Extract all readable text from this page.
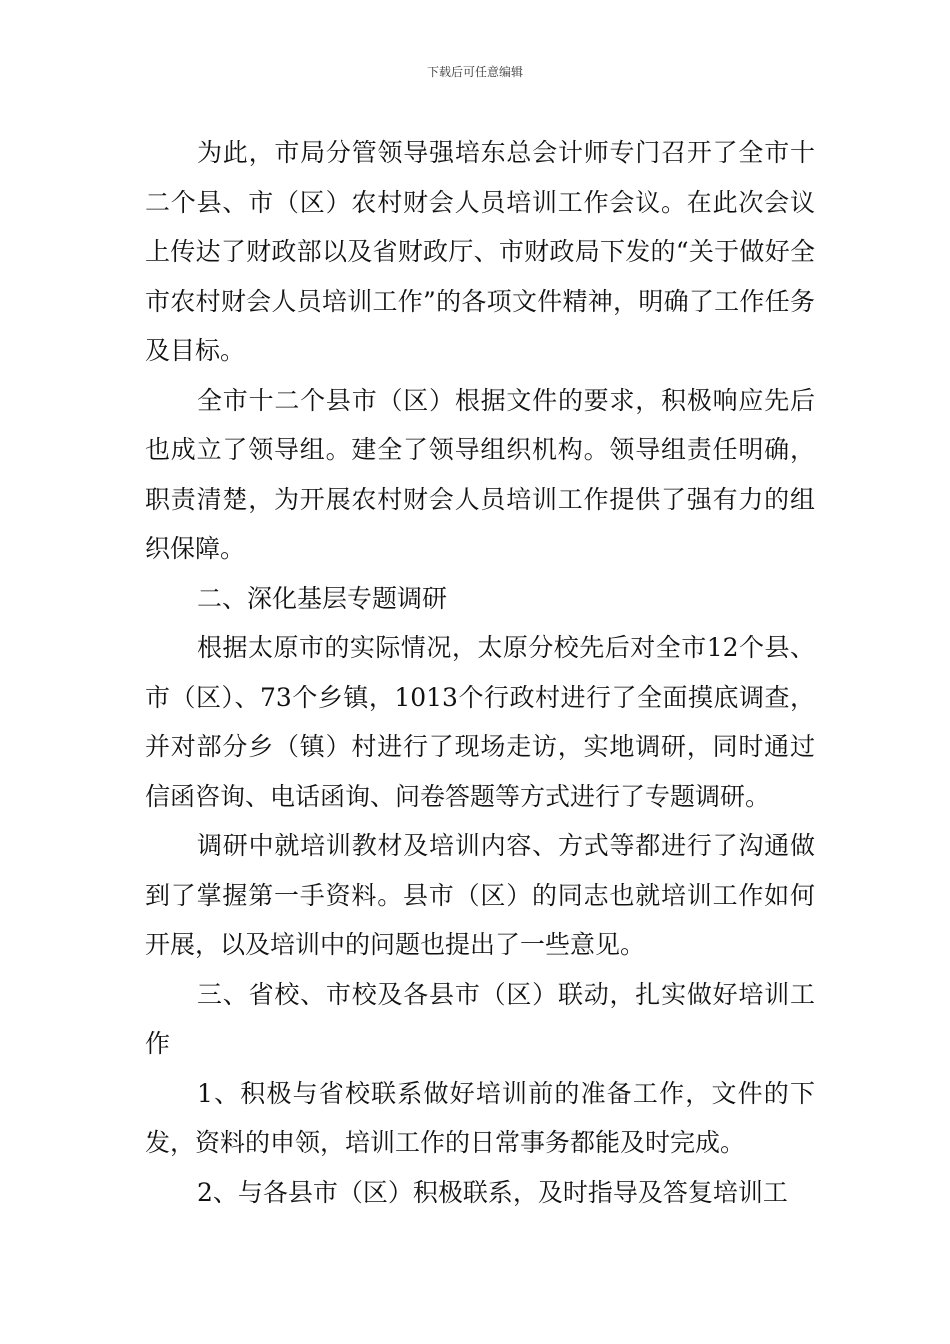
下载后可任意编辑

为此，市局分管领导强培东总会计师专门召开了全市十二个县、市（区）农村财会人员培训工作会议。在此次会议上传达了财政部以及省财政厅、市财政局下发的“关于做好全市农村财会人员培训工作”的各项文件精神，明确了工作任务及目标。

全市十二个县市（区）根据文件的要求，积极响应先后也成立了领导组。建全了领导组织机构。领导组责任明确，职责清楚，为开展农村财会人员培训工作提供了强有力的组织保障。

二、深化基层专题调研

根据太原市的实际情况，太原分校先后对全市12个县、市（区）、73个乡镇，1013个行政村进行了全面摸底调查，并对部分乡（镇）村进行了现场走访，实地调研，同时通过信函咨询、电话函询、问卷答题等方式进行了专题调研。

调研中就培训教材及培训内容、方式等都进行了沟通做到了掌握第一手资料。县市（区）的同志也就培训工作如何开展，以及培训中的问题也提出了一些意见。

三、省校、市校及各县市（区）联动，扎实做好培训工作

1、积极与省校联系做好培训前的准备工作，文件的下发，资料的申领，培训工作的日常事务都能及时完成。

2、与各县市（区）积极联系，及时指导及答复培训工
